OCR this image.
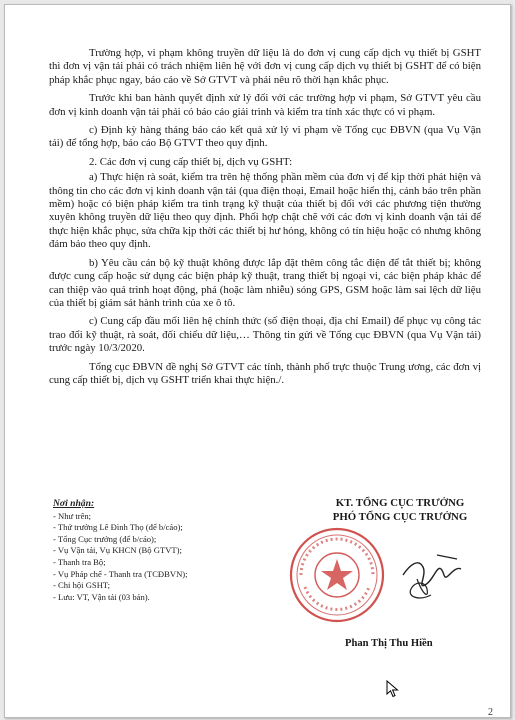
Trường hợp, vi phạm không truyền dữ liệu là do đơn vị cung cấp dịch vụ thiết bị GSHT thì đơn vị vận tải phải có trách nhiệm liên hệ với đơn vị cung cấp dịch vụ thiết bị GSHT để có biện pháp khắc phục ngay, báo cáo về Sở GTVT và phải nêu rõ thời hạn khắc phục.

Trước khi ban hành quyết định xử lý đối với các trường hợp vi phạm, Sở GTVT yêu cầu đơn vị kinh doanh vận tải phải có báo cáo giải trình và kiểm tra tính xác thực có vi phạm.

c) Định kỳ hàng tháng báo cáo kết quả xử lý vi phạm về Tổng cục ĐBVN (qua Vụ Vận tải) để tổng hợp, báo cáo Bộ GTVT theo quy định.

2. Các đơn vị cung cấp thiết bị, dịch vụ GSHT:

a) Thực hiện rà soát, kiểm tra trên hệ thống phần mềm của đơn vị để kịp thời phát hiện và thông tin cho các đơn vị kinh doanh vận tải (qua điện thoại, Email hoặc hiển thị, cảnh báo trên phần mềm) hoặc có biện pháp kiểm tra tình trạng kỹ thuật của thiết bị đối với các phương tiện thường xuyên không truyền dữ liệu theo quy định. Phối hợp chặt chẽ với các đơn vị kinh doanh vận tải để thực hiện khắc phục, sửa chữa kịp thời các thiết bị hư hỏng, không có tín hiệu hoặc có nhưng không đảm bảo theo quy định.

b) Yêu cầu cán bộ kỹ thuật không được lắp đặt thêm công tắc điện để tắt thiết bị; không được cung cấp hoặc sử dụng các biện pháp kỹ thuật, trang thiết bị ngoại vi, các biện pháp khác để can thiệp vào quá trình hoạt động, phá (hoặc làm nhiễu) sóng GPS, GSM hoặc làm sai lệch dữ liệu của thiết bị giám sát hành trình của xe ô tô.

c) Cung cấp đầu mối liên hệ chính thức (số điện thoại, địa chỉ Email) để phục vụ công tác trao đổi kỹ thuật, rà soát, đối chiếu dữ liệu,… Thông tin gửi về Tổng cục ĐBVN (qua Vụ Vận tải) trước ngày 10/3/2020.

Tổng cục ĐBVN đề nghị Sở GTVT các tỉnh, thành phố trực thuộc Trung ương, các đơn vị cung cấp thiết bị, dịch vụ GSHT triển khai thực hiện./.

Nơi nhận:
- Như trên;
- Thứ trưởng Lê Đình Thọ (để b/cáo);
- Tổng Cục trưởng (để b/cáo);
- Vụ Vận tải, Vụ KHCN (Bộ GTVT);
- Thanh tra Bộ;
- Vụ Pháp chế - Thanh tra (TCĐBVN);
- Chi hội GSHT;
- Lưu: VT, Vận tải (03 bản).
KT. TỔNG CỤC TRƯỞNG
PHÓ TỔNG CỤC TRƯỞNG
Phan Thị Thu Hiền
2
